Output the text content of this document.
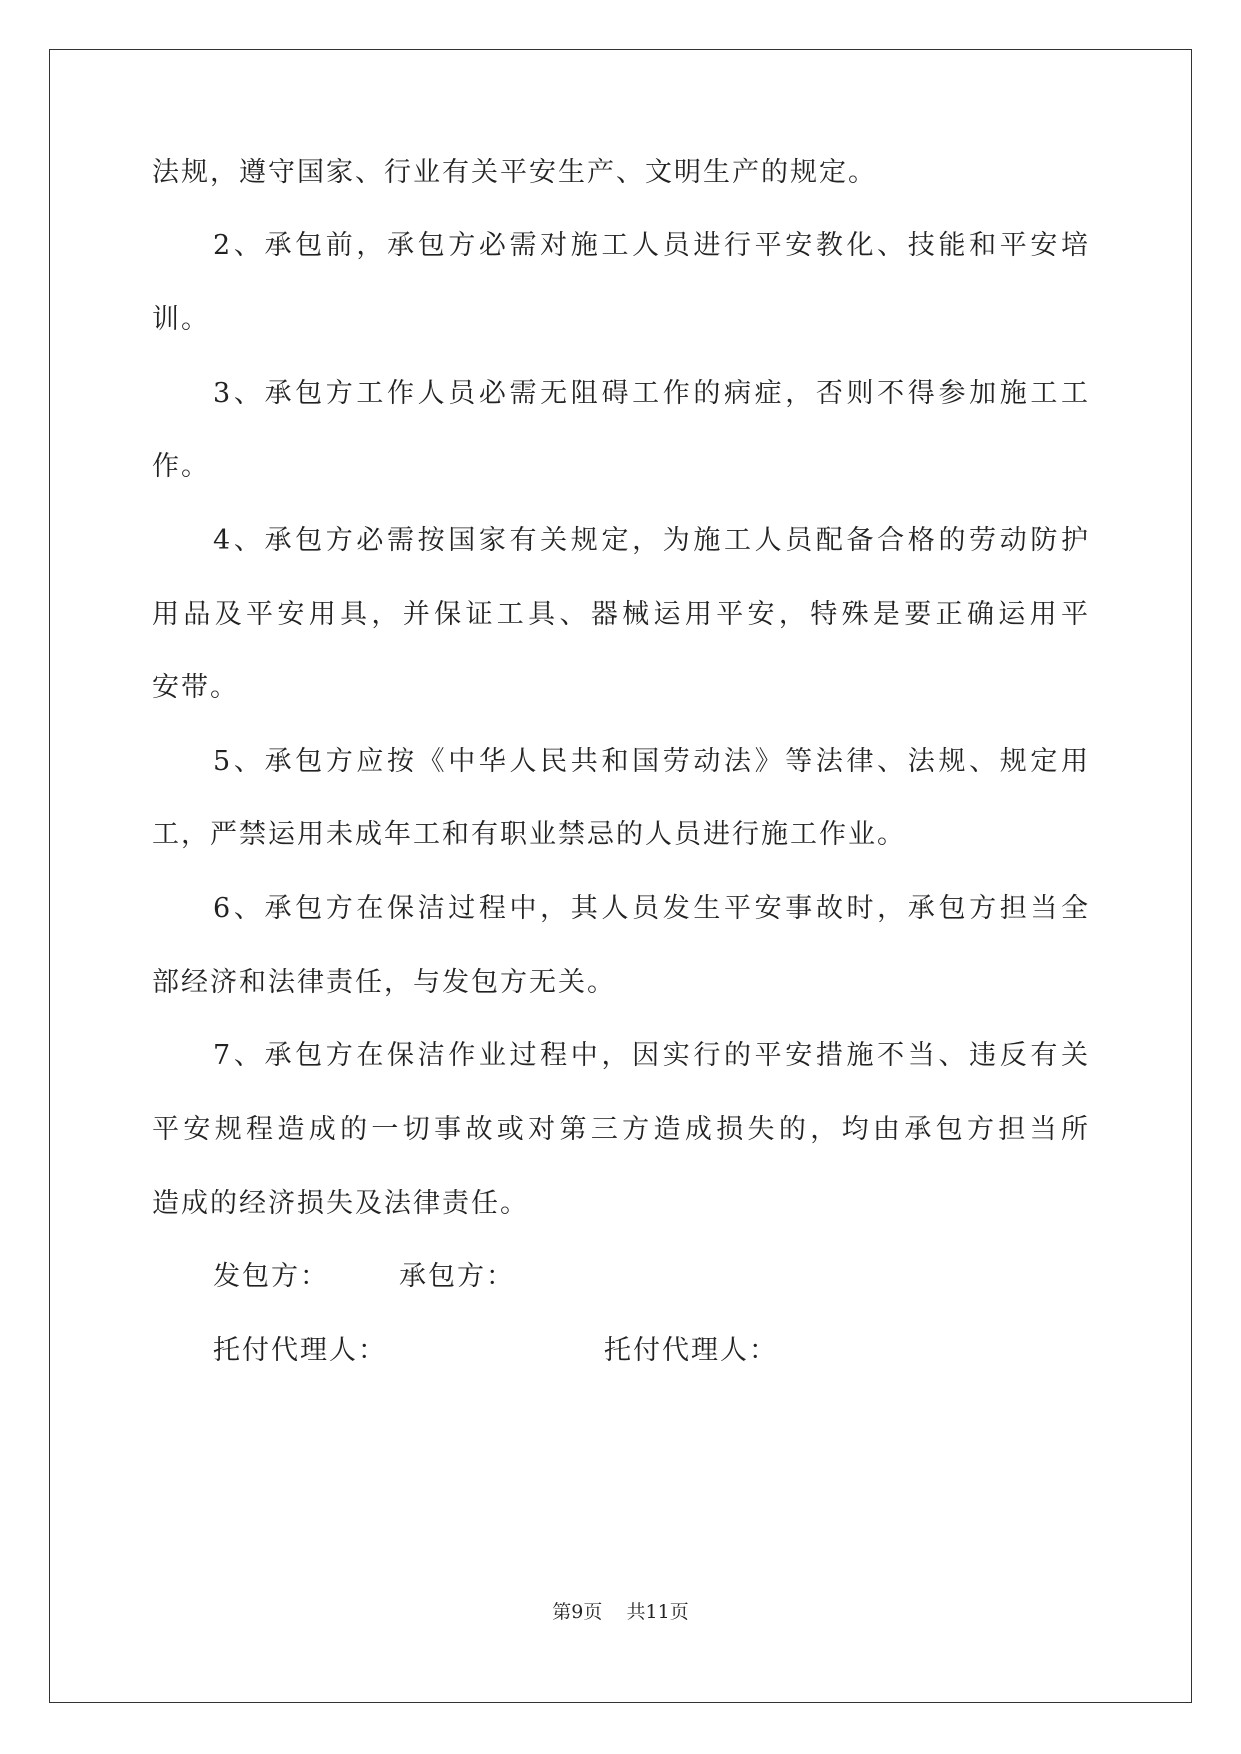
法规，遵守国家、行业有关平安生产、文明生产的规定。
2、承包前，承包方必需对施工人员进行平安教化、技能和平安培
训。
3、承包方工作人员必需无阻碍工作的病症，否则不得参加施工工
作。
4、承包方必需按国家有关规定，为施工人员配备合格的劳动防护
用品及平安用具，并保证工具、器械运用平安，特殊是要正确运用平
安带。
5、承包方应按《中华人民共和国劳动法》等法律、法规、规定用
工，严禁运用未成年工和有职业禁忌的人员进行施工作业。
6、承包方在保洁过程中，其人员发生平安事故时，承包方担当全
部经济和法律责任，与发包方无关。
7、承包方在保洁作业过程中，因实行的平安措施不当、违反有关
平安规程造成的一切事故或对第三方造成损失的，均由承包方担当所
造成的经济损失及法律责任。
发包方：	承包方：
托付代理人：	托付代理人：
第9页 共11页
